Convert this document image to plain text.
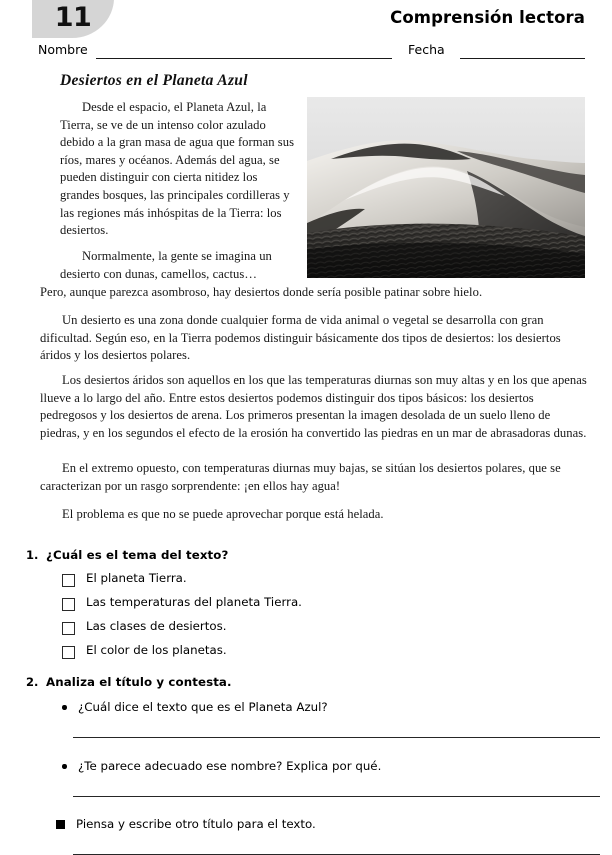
11	Comprensión lectora
Nombre	Fecha
Desiertos en el Planeta Azul
Desde el espacio, el Planeta Azul, la Tierra, se ve de un intenso color azulado debido a la gran masa de agua que forman sus ríos, mares y océanos. Además del agua, se pueden distinguir con cierta nitidez los grandes bosques, las principales cordilleras y las regiones más inhóspitas de la Tierra: los desiertos.
Normalmente, la gente se imagina un desierto con dunas, camellos, cactus…
Pero, aunque parezca asombroso, hay desiertos donde sería posible patinar sobre hielo.
Un desierto es una zona donde cualquier forma de vida animal o vegetal se desarrolla con gran dificultad. Según eso, en la Tierra podemos distinguir básicamente dos tipos de desiertos: los desiertos áridos y los desiertos polares.
Los desiertos áridos son aquellos en los que las temperaturas diurnas son muy altas y en los que apenas llueve a lo largo del año. Entre estos desiertos podemos distinguir dos tipos básicos: los desiertos pedregosos y los desiertos de arena. Los primeros presentan la imagen desolada de un suelo lleno de piedras, y en los segundos el efecto de la erosión ha convertido las piedras en un mar de abrasadoras dunas.
En el extremo opuesto, con temperaturas diurnas muy bajas, se sitúan los desiertos polares, que se caracterizan por un rasgo sorprendente: ¡en ellos hay agua!
El problema es que no se puede aprovechar porque está helada.
1. ¿Cuál es el tema del texto?
El planeta Tierra.
Las temperaturas del planeta Tierra.
Las clases de desiertos.
El color de los planetas.
2. Analiza el título y contesta.
¿Cuál dice el texto que es el Planeta Azul?
¿Te parece adecuado ese nombre? Explica por qué.
Piensa y escribe otro título para el texto.
